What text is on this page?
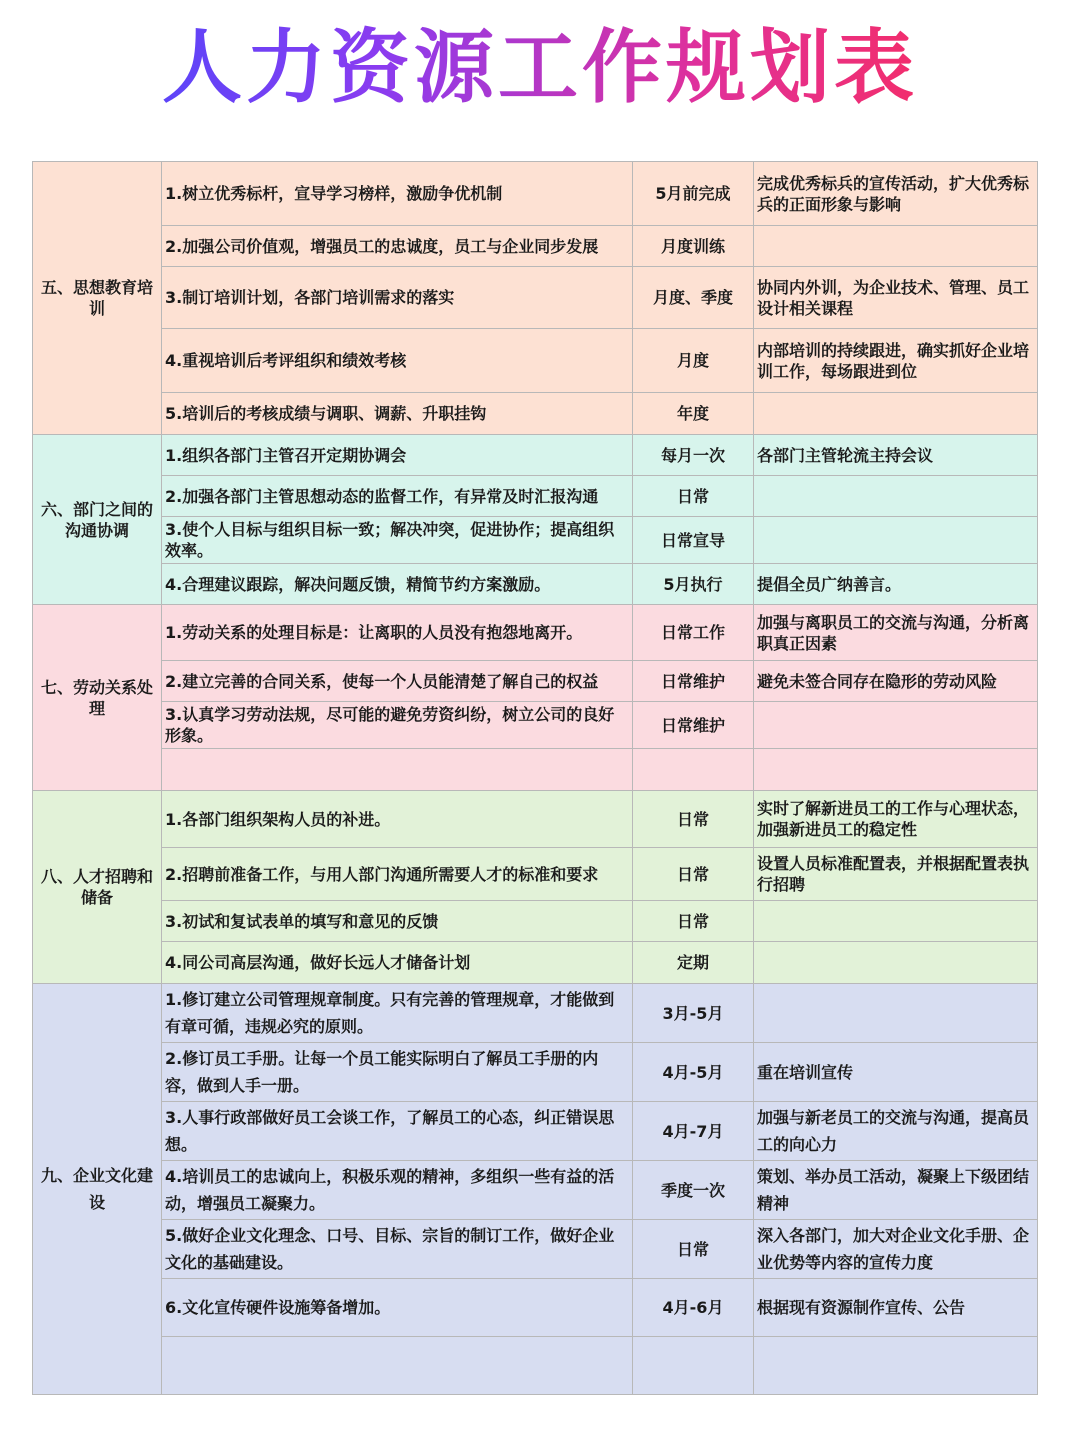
人力资源工作规划表
五、思想教育培训	1.树立优秀标杆，宣导学习榜样，激励争优机制	5月前完成	完成优秀标兵的宣传活动，扩大优秀标兵的正面形象与影响
	2.加强公司价值观，增强员工的忠诚度，员工与企业同步发展	月度训练	
	3.制订培训计划，各部门培训需求的落实	月度、季度	协同内外训，为企业技术、管理、员工设计相关课程
	4.重视培训后考评组织和绩效考核	月度	内部培训的持续跟进，确实抓好企业培训工作，每场跟进到位
	5.培训后的考核成绩与调职、调薪、升职挂钩	年度	
六、部门之间的沟通协调	1.组织各部门主管召开定期协调会	每月一次	各部门主管轮流主持会议
	2.加强各部门主管思想动态的监督工作，有异常及时汇报沟通	日常	
	3.使个人目标与组织目标一致；解决冲突，促进协作；提高组织效率。	日常宣导	
	4.合理建议跟踪，解决问题反馈，精简节约方案激励。	5月执行	提倡全员广纳善言。
七、劳动关系处理	1.劳动关系的处理目标是：让离职的人员没有抱怨地离开。	日常工作	加强与离职员工的交流与沟通，分析离职真正因素
	2.建立完善的合同关系，使每一个人员能清楚了解自己的权益	日常维护	避免未签合同存在隐形的劳动风险
	3.认真学习劳动法规，尽可能的避免劳资纠纷，树立公司的良好形象。	日常维护	

八、人才招聘和储备	1.各部门组织架构人员的补进。	日常	实时了解新进员工的工作与心理状态，加强新进员工的稳定性
	2.招聘前准备工作，与用人部门沟通所需要人才的标准和要求	日常	设置人员标准配置表，并根据配置表执行招聘
	3.初试和复试表单的填写和意见的反馈	日常	
	4.同公司高层沟通，做好长远人才储备计划	定期	
九、企业文化建设	1.修订建立公司管理规章制度。只有完善的管理规章，才能做到有章可循，违规必究的原则。	3月-5月	
	2.修订员工手册。让每一个员工能实际明白了解员工手册的内容，做到人手一册。	4月-5月	重在培训宣传
	3.人事行政部做好员工会谈工作，了解员工的心态，纠正错误思想。	4月-7月	加强与新老员工的交流与沟通，提高员工的向心力
	4.培训员工的忠诚向上，积极乐观的精神，多组织一些有益的活动，增强员工凝聚力。	季度一次	策划、举办员工活动，凝聚上下级团结精神
	5.做好企业文化理念、口号、目标、宗旨的制订工作，做好企业文化的基础建设。	日常	深入各部门，加大对企业文化手册、企业优势等内容的宣传力度
	6.文化宣传硬件设施筹备增加。	4月-6月	根据现有资源制作宣传、公告
